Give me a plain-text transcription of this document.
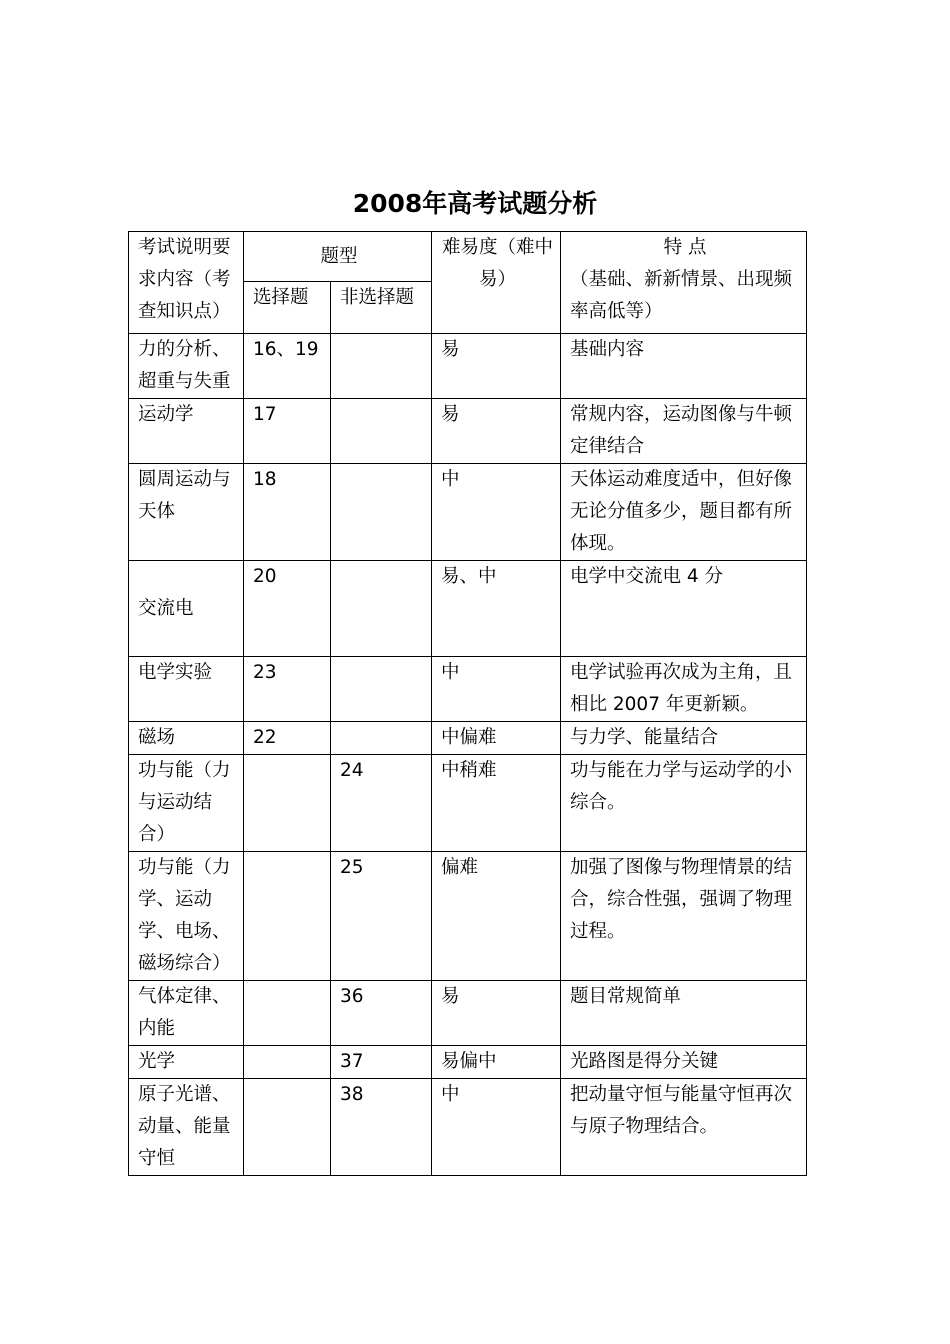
2008年高考试题分析
考试说明要求内容（考查知识点）	题型		难易度（难中易）	特 点
（基础、新新情景、出现频率高低等）

	选择题	非选择题		
力的分析、超重与失重	16、19		易	基础内容
运动学	17		易	常规内容，运动图像与牛顿定律结合
圆周运动与天体	18		中	天体运动难度适中，但好像无论分值多少，题目都有所体现。

交流电	20		易、中	电学中交流电 4 分
电学实验	23		中	电学试验再次成为主角，且相比 2007 年更新颖。
磁场	22		中偏难	与力学、能量结合
功与能（力与运动结合）		24	中稍难	功与能在力学与运动学的小综合。
功与能（力学、运动学、电场、磁场综合）		25	偏难	加强了图像与物理情景的结合，综合性强，强调了物理过程。
气体定律、内能		36	易	题目常规简单
光学		37	易偏中	光路图是得分关键
原子光谱、动量、能量守恒		38	中	把动量守恒与能量守恒再次与原子物理结合。
